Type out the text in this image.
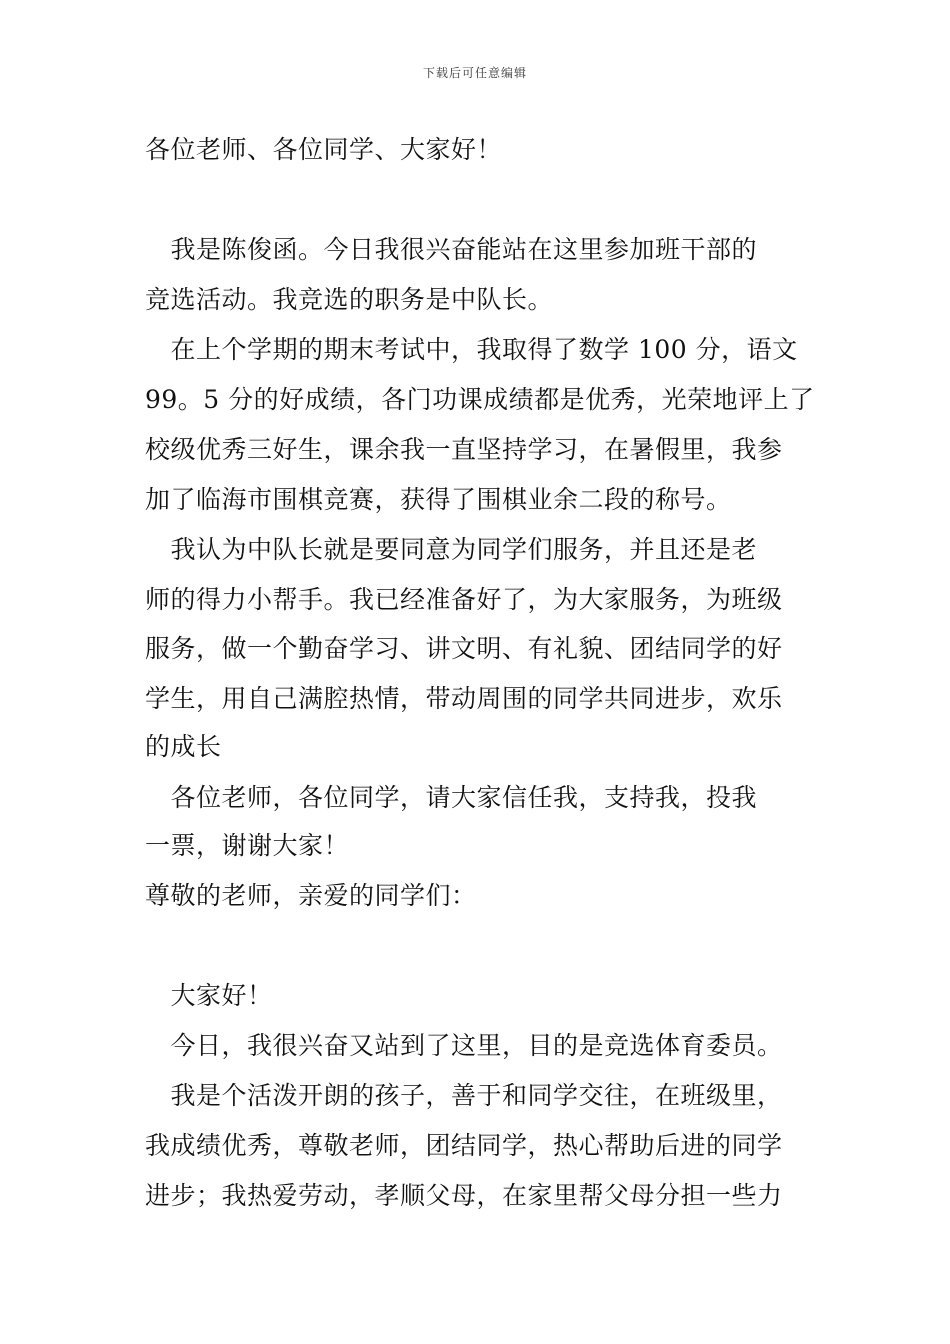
下载后可任意编辑
各位老师、各位同学、大家好！
　我是陈俊函。今日我很兴奋能站在这里参加班干部的
竞选活动。我竞选的职务是中队长。
　在上个学期的期末考试中，我取得了数学 100 分，语文
99。5 分的好成绩，各门功课成绩都是优秀，光荣地评上了
校级优秀三好生，课余我一直坚持学习，在暑假里，我参
加了临海市围棋竞赛，获得了围棋业余二段的称号。
　我认为中队长就是要同意为同学们服务，并且还是老
师的得力小帮手。我已经准备好了，为大家服务，为班级
服务，做一个勤奋学习、讲文明、有礼貌、团结同学的好
学生，用自己满腔热情，带动周围的同学共同进步，欢乐
的成长
　各位老师，各位同学，请大家信任我，支持我，投我
一票，谢谢大家！
尊敬的老师，亲爱的同学们：
　大家好！
　今日，我很兴奋又站到了这里，目的是竞选体育委员。
　我是个活泼开朗的孩子，善于和同学交往，在班级里，
我成绩优秀，尊敬老师，团结同学，热心帮助后进的同学
进步；我热爱劳动，孝顺父母，在家里帮父母分担一些力
